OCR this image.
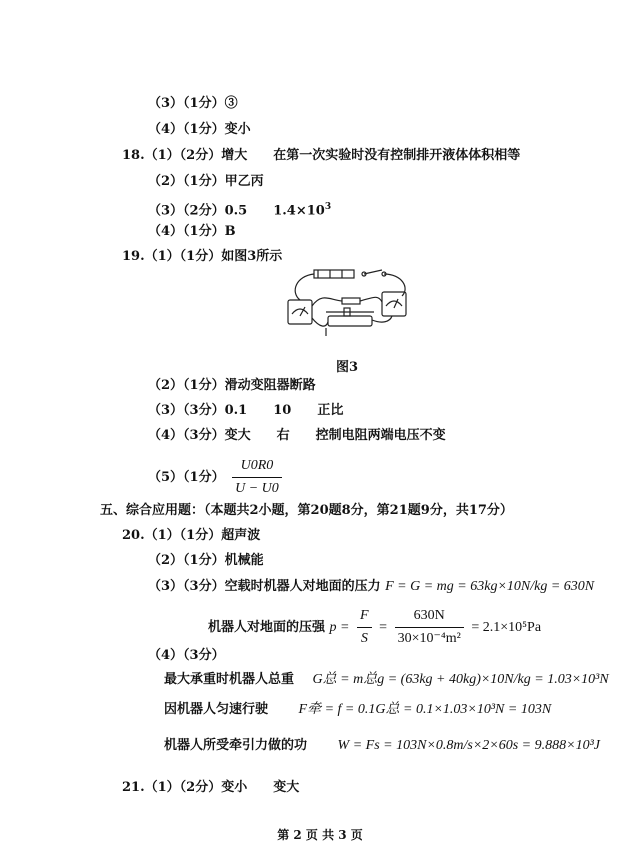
（3）（1分）③
（4）（1分）变小
18.（1）（2分）增大 在第一次实验时没有控制排开液体体积相等
（2）（1分）甲乙丙
（3）（2分）0.5 $1.4\times 10^3$
（4）（1分）B
19.（1）（1分）如图3所示
图3
（2）（1分）滑动变阻器断路
（3）（3分）0.1 10 正比
（4）（3分）变大 右 控制电阻两端电压不变
（5）（1分） $\frac{U0R0}{U - U0}$
五、综合应用题：（本题共2小题，第20题8分，第21题9分，共17分）
20.（1）（1分）超声波
（2）（1分）机械能
（3）（3分）空载时机器人对地面的压力 F = G = mg = 63kg×10N/kg = 630N
机器人对地面的压强 $p = \frac{F}{S} = \frac{630N}{\text{30×10⁻⁴m²}} = 2.1\times 10^5Pa$
（4）（3分）
最大承重时机器人总重 G总 = m总g = (63kg + 40kg)×10N/kg = 1.03×10³N
因机器人匀速行驶 F牵 = f = 0.1G总 = 0.1×1.03×10³N = 103N
机器人所受牵引力做的功 W = Fs = 103N×0.8m/s×2×60s = 9.888×10³J
21.（1）（2分）变小 变大
第 2 页 共 3 页
